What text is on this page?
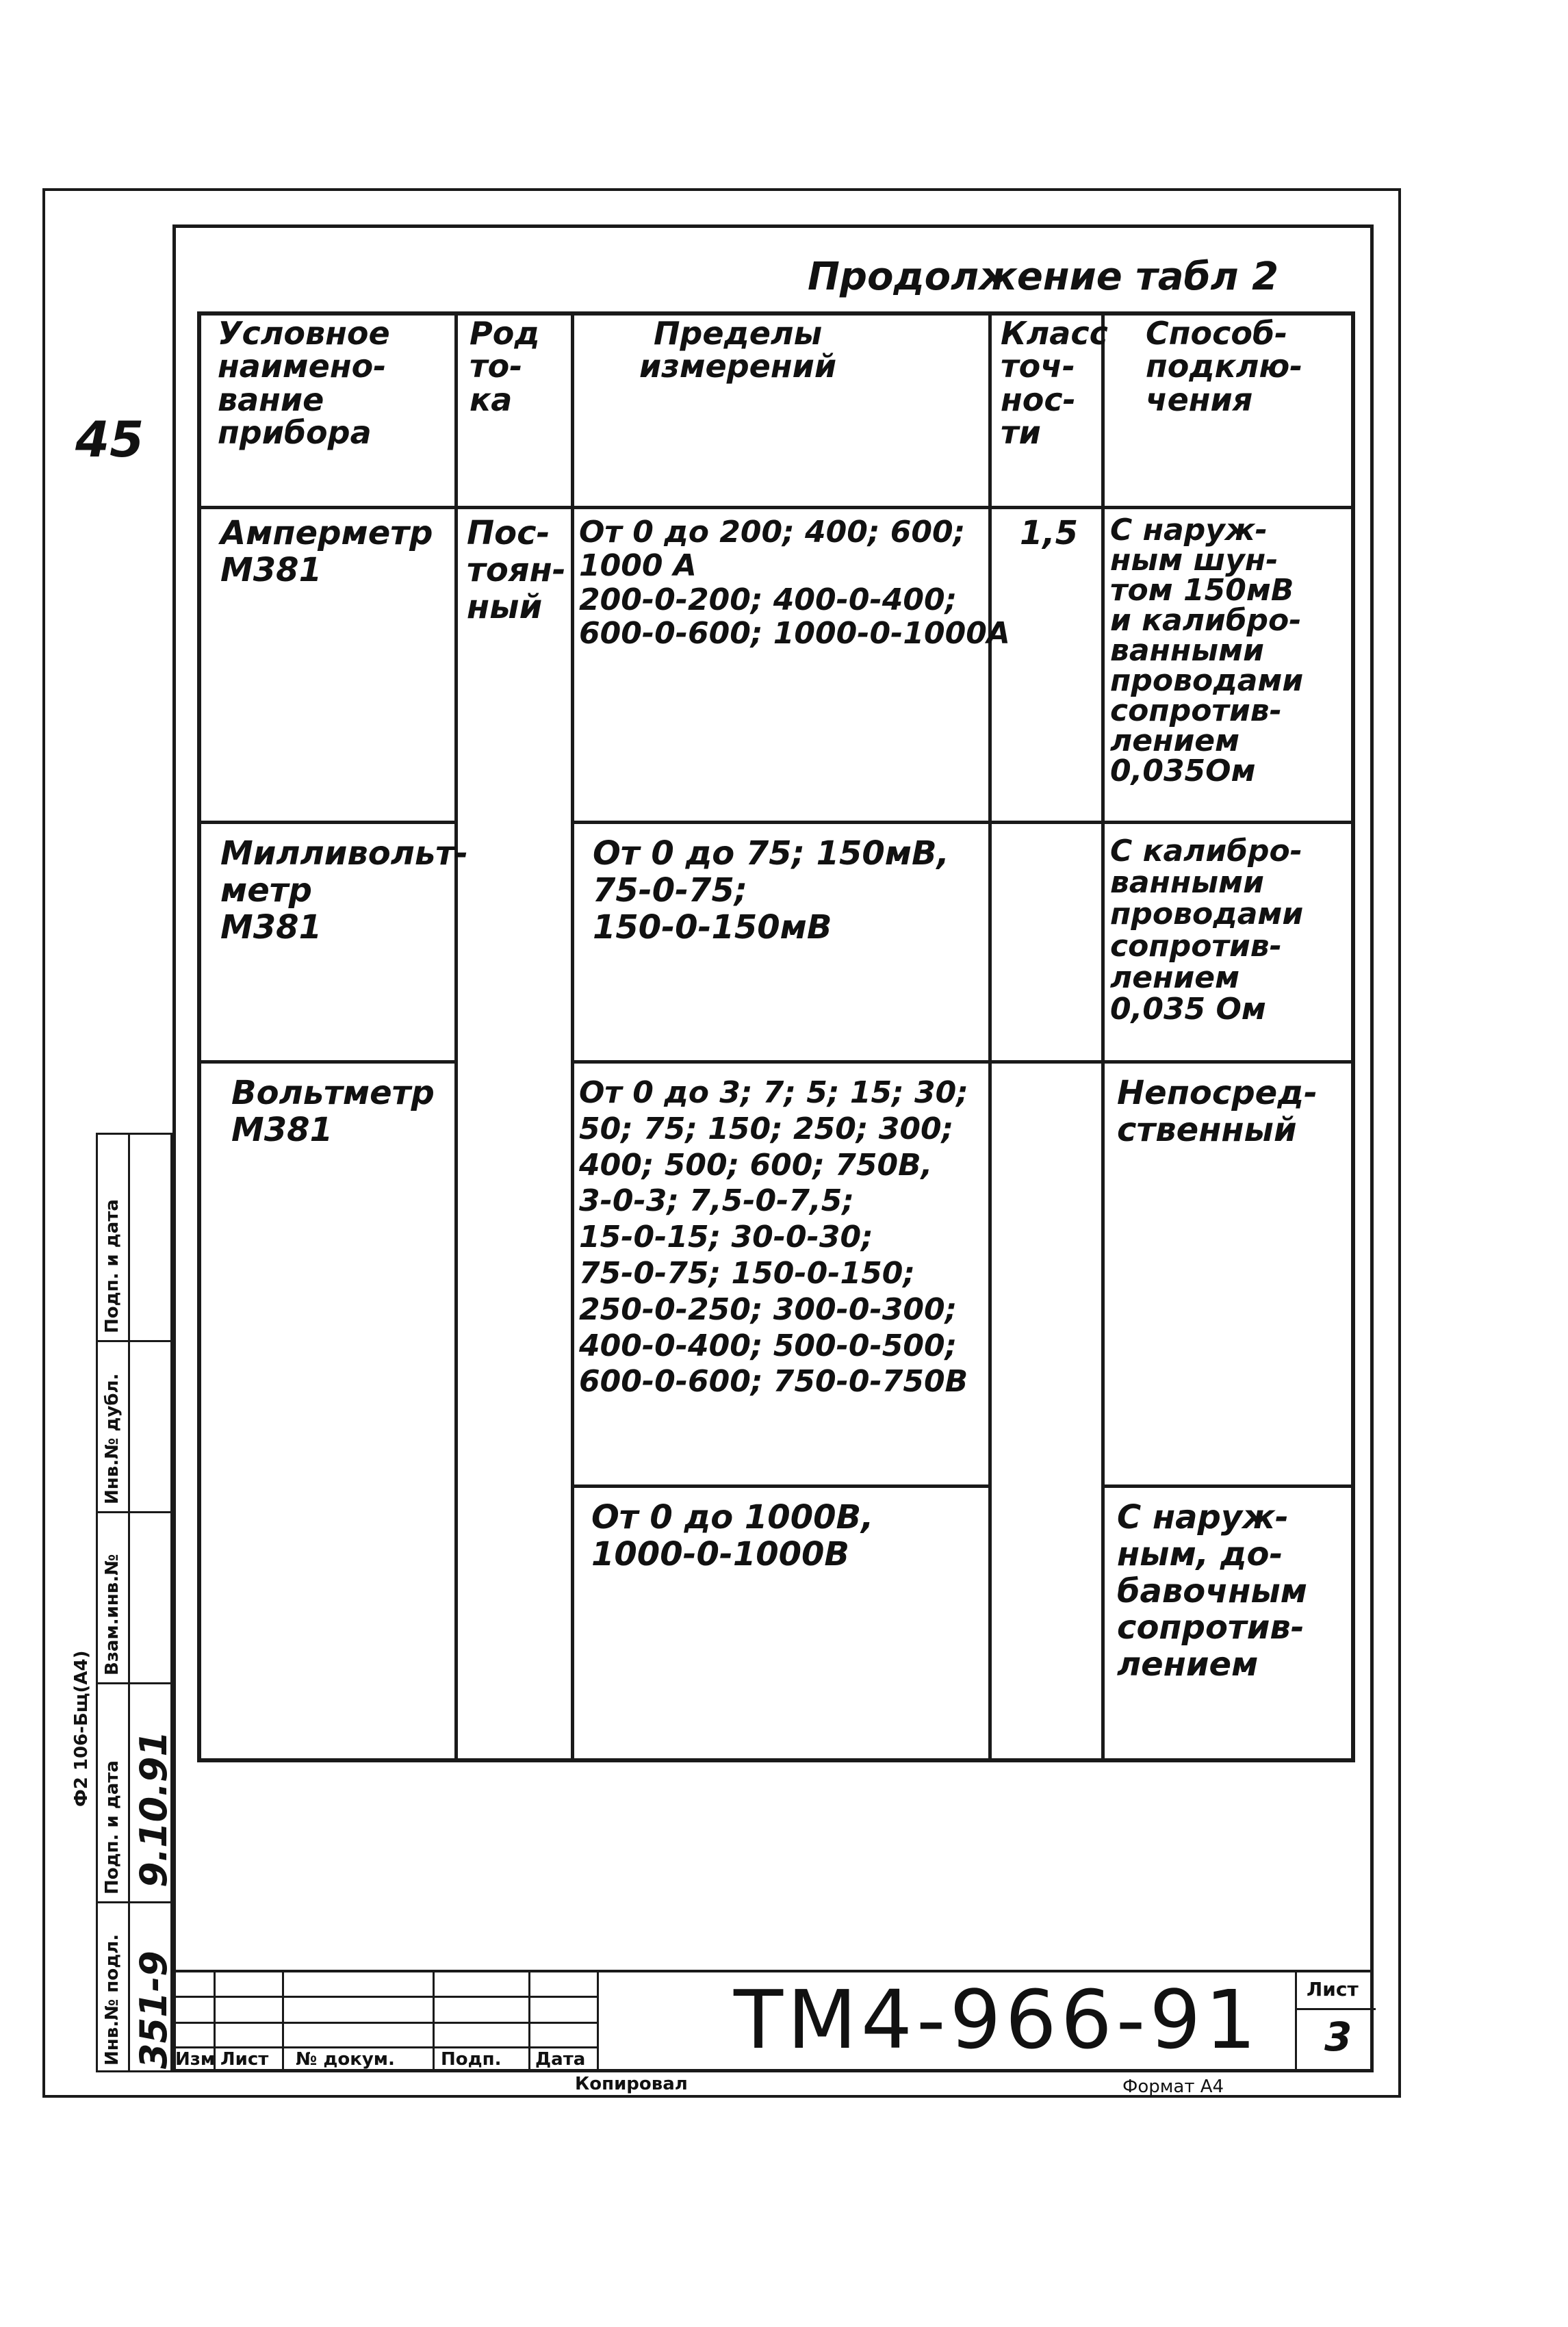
45
Продолжение табл 2
Условное
наимено-
вание
прибора
Род
то-
ка
Пределы
измерений
Класс
точ-
нос-
ти
Способ-
подклю-
чения
Амперметр
М381
Пос-
тоян-
ный
От 0 до 200; 400; 600;
1000 А
200-0-200; 400-0-400;
600-0-600; 1000-0-1000А
1,5 С наруж-
ным шун-
том 150мВ
и калибро-
ванными
проводами
сопротив-
лением
0,035Ом
Милливольт-
метр
М381
От 0 до 75; 150мВ,
75-0-75;
150-0-150мВ
С калибро-
ванными
проводами
сопротив-
лением
0,035 Ом
Вольтметр
М381
От 0 до 3; 7; 5; 15; 30;
50; 75; 150; 250; 300;
400; 500; 600; 750В,
3-0-3; 7,5-0-7,5;
15-0-15; 30-0-30;
75-0-75; 150-0-150;
250-0-250; 300-0-300;
400-0-400; 500-0-500;
600-0-600; 750-0-750В
Непосред-
ственный
От 0 до 1000В,
1000-0-1000В
С наруж-
ным, до-
бавочным
сопротив-
лением
Изм Лист № докум.	Подп. Дата ТМ4-966-91 Лист
3
Инв.№ подл. 351-9
Подп. и дата 9.10.91
Взам.инв.№
Инв.№ дубл.
Подп. и дата
Ф2 106-Бщ(А4)
Копировал	Формат А4
